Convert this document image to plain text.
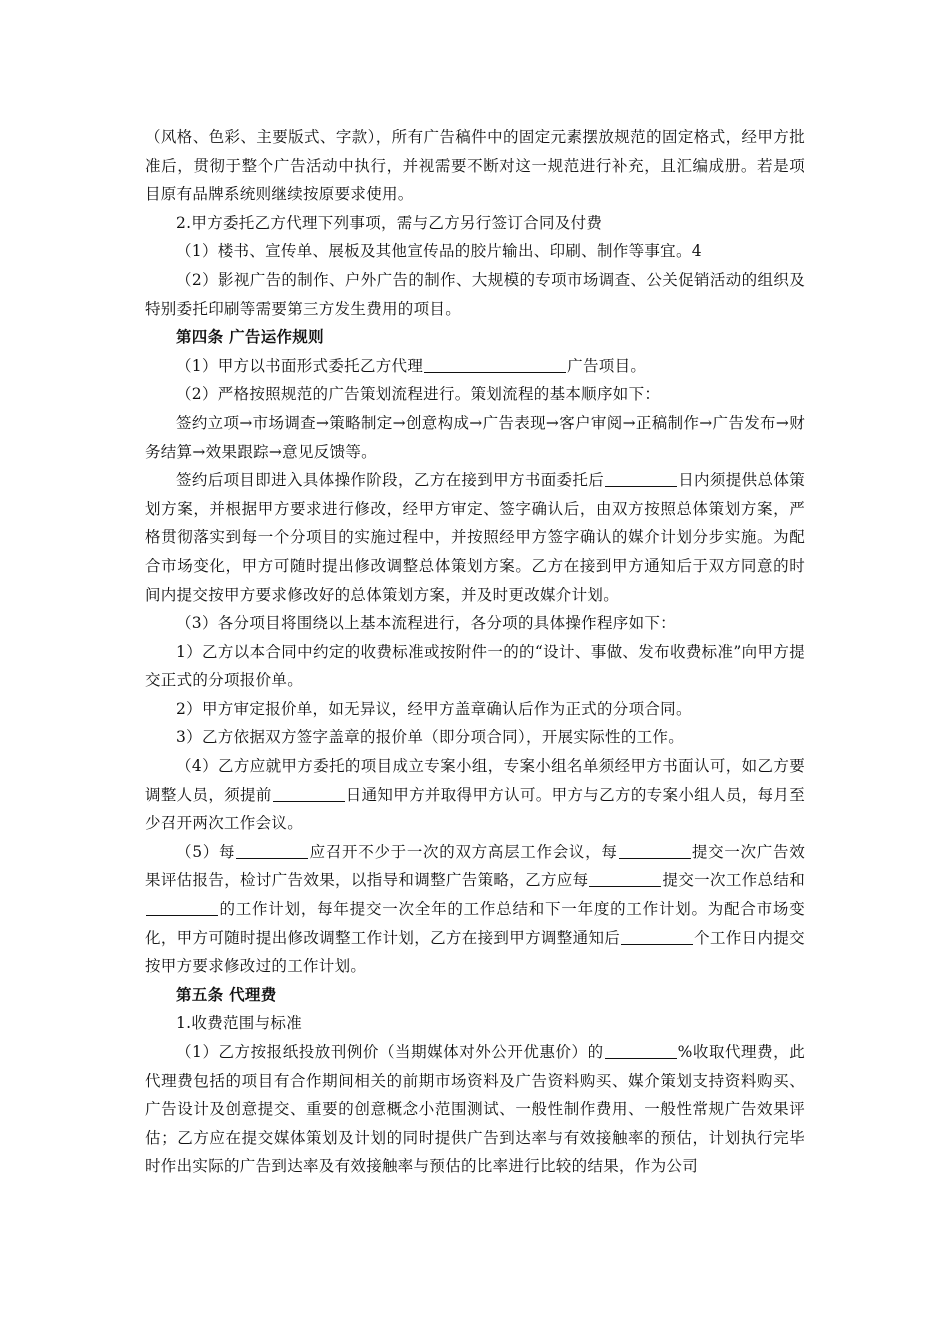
（风格、色彩、主要版式、字款），所有广告稿件中的固定元素摆放规范的固定格式，经甲方批准后，贯彻于整个广告活动中执行，并视需要不断对这一规范进行补充，且汇编成册。若是项目原有品牌系统则继续按原要求使用。

2.甲方委托乙方代理下列事项，需与乙方另行签订合同及付费

（1）楼书、宣传单、展板及其他宣传品的胶片输出、印刷、制作等事宜。4

（2）影视广告的制作、户外广告的制作、大规模的专项市场调查、公关促销活动的组织及特别委托印刷等需要第三方发生费用的项目。

第四条 广告运作规则

（1）甲方以书面形式委托乙方代理	广告项目。

（2）严格按照规范的广告策划流程进行。策划流程的基本顺序如下：

签约立项→市场调查→策略制定→创意构成→广告表现→客户审阅→正稿制作→广告发布→财务结算→效果跟踪→意见反馈等。

签约后项目即进入具体操作阶段，乙方在接到甲方书面委托后	日内须提供总体策划方案，并根据甲方要求进行修改，经甲方审定、签字确认后，由双方按照总体策划方案，严格贯彻落实到每一个分项目的实施过程中，并按照经甲方签字确认的媒介计划分步实施。为配合市场变化，甲方可随时提出修改调整总体策划方案。乙方在接到甲方通知后于双方同意的时间内提交按甲方要求修改好的总体策划方案，并及时更改媒介计划。

（3）各分项目将围绕以上基本流程进行，各分项的具体操作程序如下：

1）乙方以本合同中约定的收费标准或按附件一的的“设计、事做、发布收费标准”向甲方提交正式的分项报价单。

2）甲方审定报价单，如无异议，经甲方盖章确认后作为正式的分项合同。

3）乙方依据双方签字盖章的报价单（即分项合同），开展实际性的工作。

（4）乙方应就甲方委托的项目成立专案小组，专案小组名单须经甲方书面认可，如乙方要调整人员，须提前	日通知甲方并取得甲方认可。甲方与乙方的专案小组人员，每月至少召开两次工作会议。

（5）每	应召开不少于一次的双方高层工作会议，每	提交一次广告效果评估报告，检讨广告效果，以指导和调整广告策略，乙方应每	提交一次工作总结和的工作计划，每年提交一次全年的工作总结和下一年度的工作计划。为配合市场变化，甲方可随时提出修改调整工作计划，乙方在接到甲方调整通知后	个工作日内提交按甲方要求修改过的工作计划。

第五条 代理费

1.收费范围与标准

（1）乙方按报纸投放刊例价（当期媒体对外公开优惠价）的	%收取代理费，此代理费包括的项目有合作期间相关的前期市场资料及广告资料购买、媒介策划支持资料购买、广告设计及创意提交、重要的创意概念小范围测试、一般性制作费用、一般性常规广告效果评估；乙方应在提交媒体策划及计划的同时提供广告到达率与有效接触率的预估，计划执行完毕时作出实际的广告到达率及有效接触率与预估的比率进行比较的结果，作为公司
